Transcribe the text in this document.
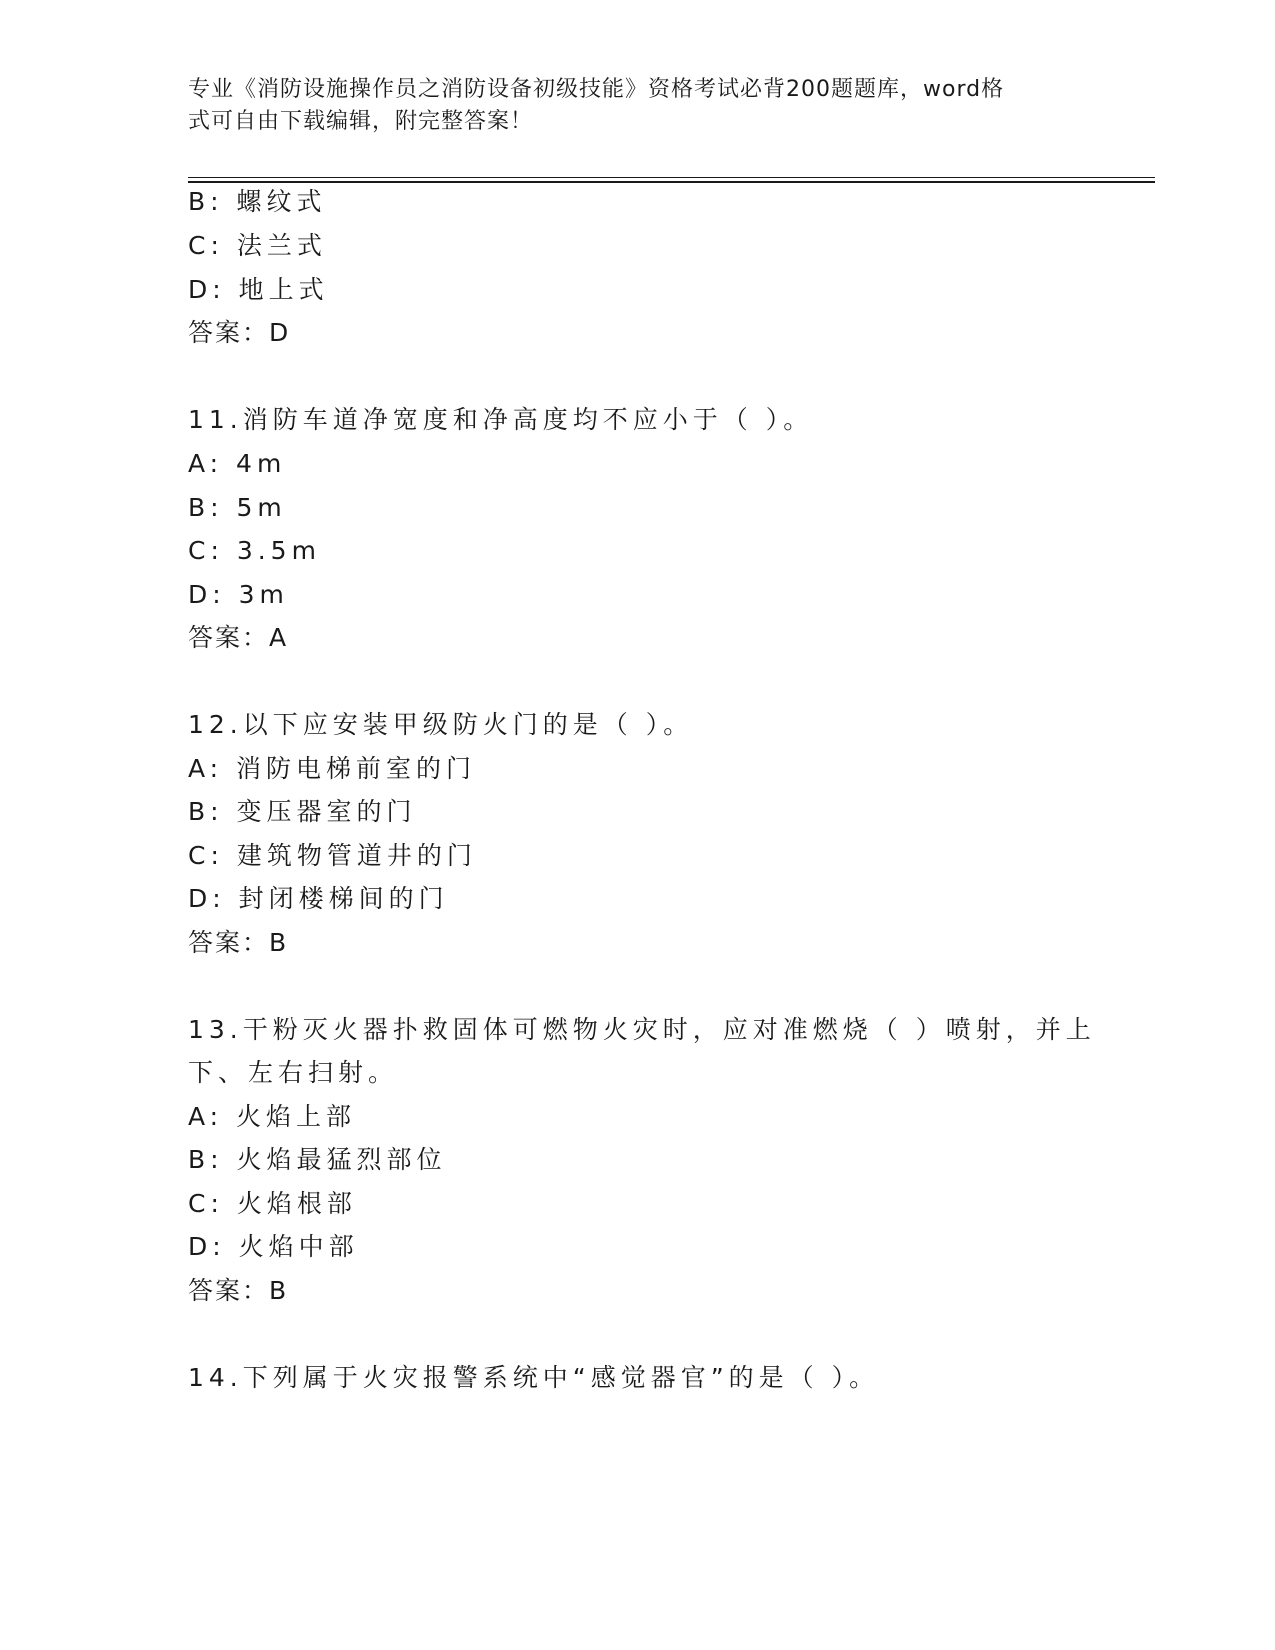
专业《消防设施操作员之消防设备初级技能》资格考试必背200题题库，word格
式可自由下载编辑，附完整答案！
B: 螺纹式
C: 法兰式
D: 地上式
答案：D
11.消防车道净宽度和净高度均不应小于（ ）。
A: 4m
B: 5m
C: 3.5m
D: 3m
答案：A
12.以下应安装甲级防火门的是（ ）。
A: 消防电梯前室的门
B: 变压器室的门
C: 建筑物管道井的门
D: 封闭楼梯间的门
答案：B
13.干粉灭火器扑救固体可燃物火灾时，应对准燃烧（ ）喷射，并上
下、左右扫射。
A: 火焰上部
B: 火焰最猛烈部位
C: 火焰根部
D: 火焰中部
答案：B
14.下列属于火灾报警系统中“感觉器官”的是（ ）。
